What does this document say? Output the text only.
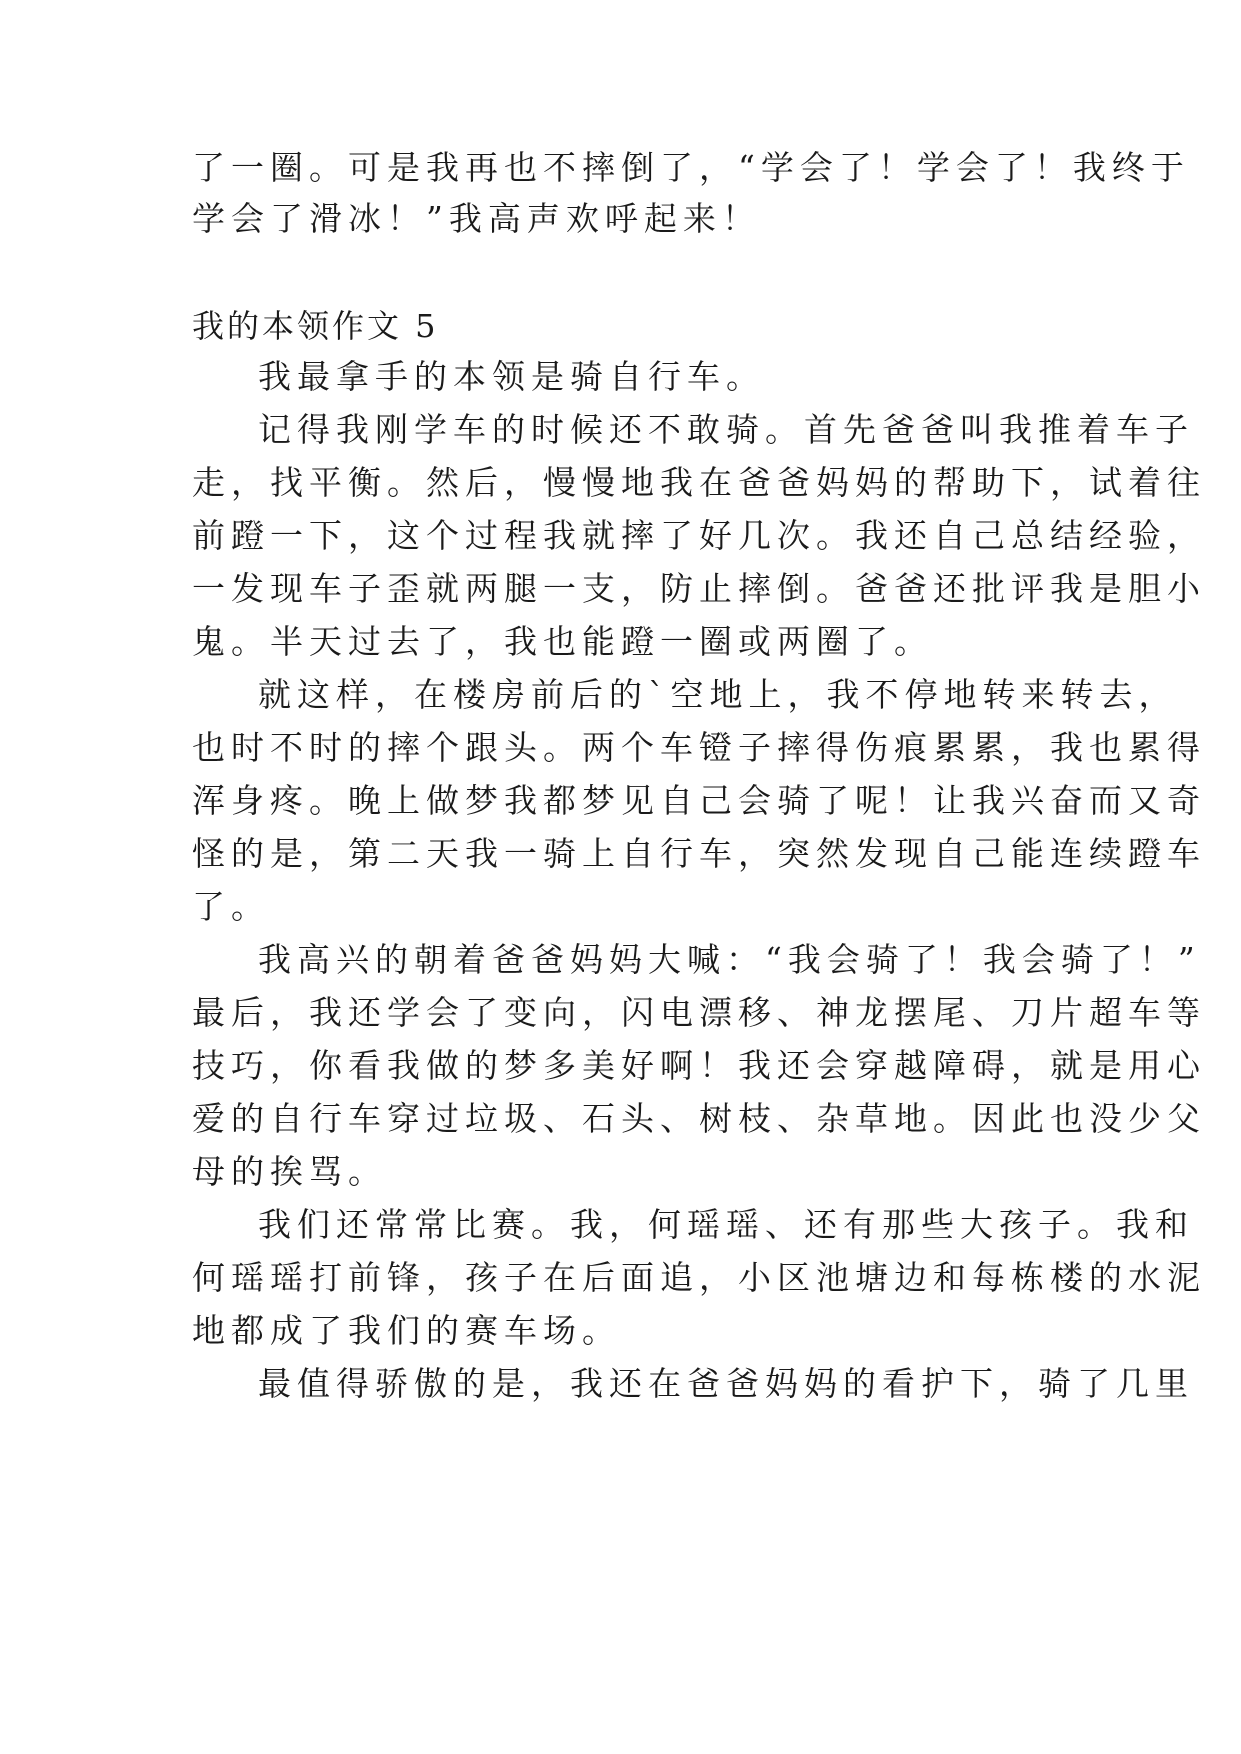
了一圈。可是我再也不摔倒了，“学会了！学会了！我终于
学会了滑冰！”我高声欢呼起来！
我的本领作文 5
我最拿手的本领是骑自行车。
记得我刚学车的时候还不敢骑。首先爸爸叫我推着车子
走，找平衡。然后，慢慢地我在爸爸妈妈的帮助下，试着往
前蹬一下，这个过程我就摔了好几次。我还自己总结经验，
一发现车子歪就两腿一支，防止摔倒。爸爸还批评我是胆小
鬼。半天过去了，我也能蹬一圈或两圈了。
就这样，在楼房前后的`空地上，我不停地转来转去，
也时不时的摔个跟头。两个车镫子摔得伤痕累累，我也累得
浑身疼。晚上做梦我都梦见自己会骑了呢！让我兴奋而又奇
怪的是，第二天我一骑上自行车，突然发现自己能连续蹬车
了。
我高兴的朝着爸爸妈妈大喊：“我会骑了！我会骑了！”
最后，我还学会了变向，闪电漂移、神龙摆尾、刀片超车等
技巧，你看我做的梦多美好啊！我还会穿越障碍，就是用心
爱的自行车穿过垃圾、石头、树枝、杂草地。因此也没少父
母的挨骂。
我们还常常比赛。我，何瑶瑶、还有那些大孩子。我和
何瑶瑶打前锋，孩子在后面追，小区池塘边和每栋楼的水泥
地都成了我们的赛车场。
最值得骄傲的是，我还在爸爸妈妈的看护下，骑了几里
